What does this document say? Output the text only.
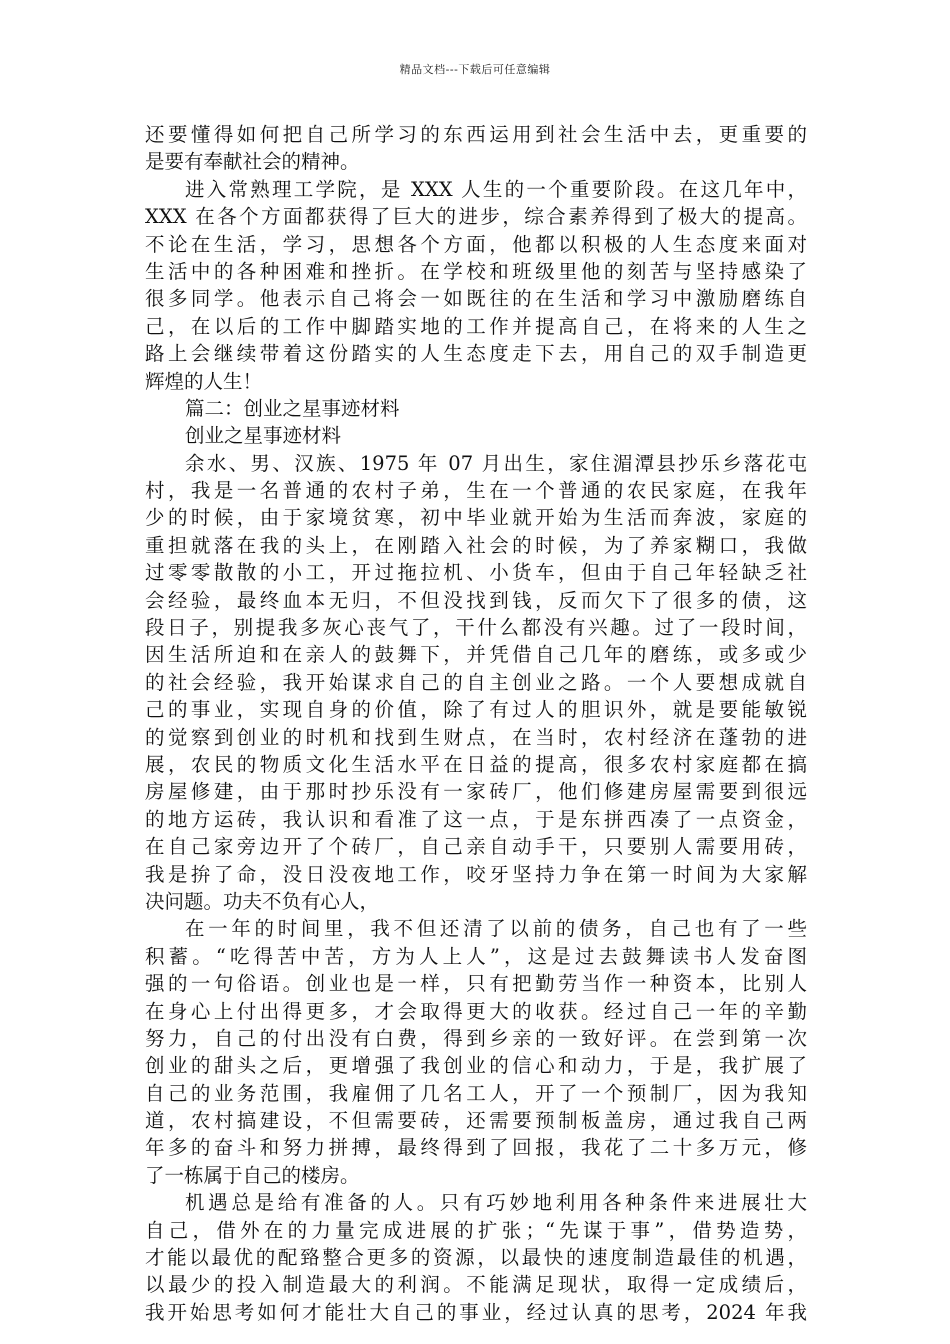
精品文档---下载后可任意编辑
还要懂得如何把自己所学习的东西运用到社会生活中去，更重要的
是要有奉献社会的精神。
进入常熟理工学院，是 XXX 人生的一个重要阶段。在这几年中，
XXX 在各个方面都获得了巨大的进步，综合素养得到了极大的提高。
不论在生活，学习，思想各个方面，他都以积极的人生态度来面对
生活中的各种困难和挫折。在学校和班级里他的刻苦与坚持感染了
很多同学。他表示自己将会一如既往的在生活和学习中激励磨练自
己，在以后的工作中脚踏实地的工作并提高自己，在将来的人生之
路上会继续带着这份踏实的人生态度走下去，用自己的双手制造更
辉煌的人生！
篇二：创业之星事迹材料
创业之星事迹材料
余水、男、汉族、1975 年 07 月出生，家住湄潭县抄乐乡落花屯
村，我是一名普通的农村子弟，生在一个普通的农民家庭，在我年
少的时候，由于家境贫寒，初中毕业就开始为生活而奔波，家庭的
重担就落在我的头上，在刚踏入社会的时候，为了养家糊口，我做
过零零散散的小工，开过拖拉机、小货车，但由于自己年轻缺乏社
会经验，最终血本无归，不但没找到钱，反而欠下了很多的债，这
段日子，别提我多灰心丧气了，干什么都没有兴趣。过了一段时间，
因生活所迫和在亲人的鼓舞下，并凭借自己几年的磨练，或多或少
的社会经验，我开始谋求自己的自主创业之路。一个人要想成就自
己的事业，实现自身的价值，除了有过人的胆识外，就是要能敏锐
的觉察到创业的时机和找到生财点，在当时，农村经济在蓬勃的进
展，农民的物质文化生活水平在日益的提高，很多农村家庭都在搞
房屋修建，由于那时抄乐没有一家砖厂，他们修建房屋需要到很远
的地方运砖，我认识和看准了这一点，于是东拼西凑了一点资金，
在自己家旁边开了个砖厂，自己亲自动手干，只要别人需要用砖，
我是拚了命，没日没夜地工作，咬牙坚持力争在第一时间为大家解
决问题。功夫不负有心人，
在一年的时间里，我不但还清了以前的债务，自己也有了一些
积蓄。“吃得苦中苦，方为人上人”，这是过去鼓舞读书人发奋图
强的一句俗语。创业也是一样，只有把勤劳当作一种资本，比别人
在身心上付出得更多，才会取得更大的收获。经过自己一年的辛勤
努力，自己的付出没有白费，得到乡亲的一致好评。在尝到第一次
创业的甜头之后，更增强了我创业的信心和动力，于是，我扩展了
自己的业务范围，我雇佣了几名工人，开了一个预制厂，因为我知
道，农村搞建设，不但需要砖，还需要预制板盖房，通过我自己两
年多的奋斗和努力拼搏，最终得到了回报，我花了二十多万元，修
了一栋属于自己的楼房。
机遇总是给有准备的人。只有巧妙地利用各种条件来进展壮大
自己，借外在的力量完成进展的扩张；“先谋于事”，借势造势，
才能以最优的配臵整合更多的资源，以最快的速度制造最佳的机遇，
以最少的投入制造最大的利润。不能满足现状，取得一定成绩后，
我开始思考如何才能壮大自己的事业，经过认真的思考，2024 年我
